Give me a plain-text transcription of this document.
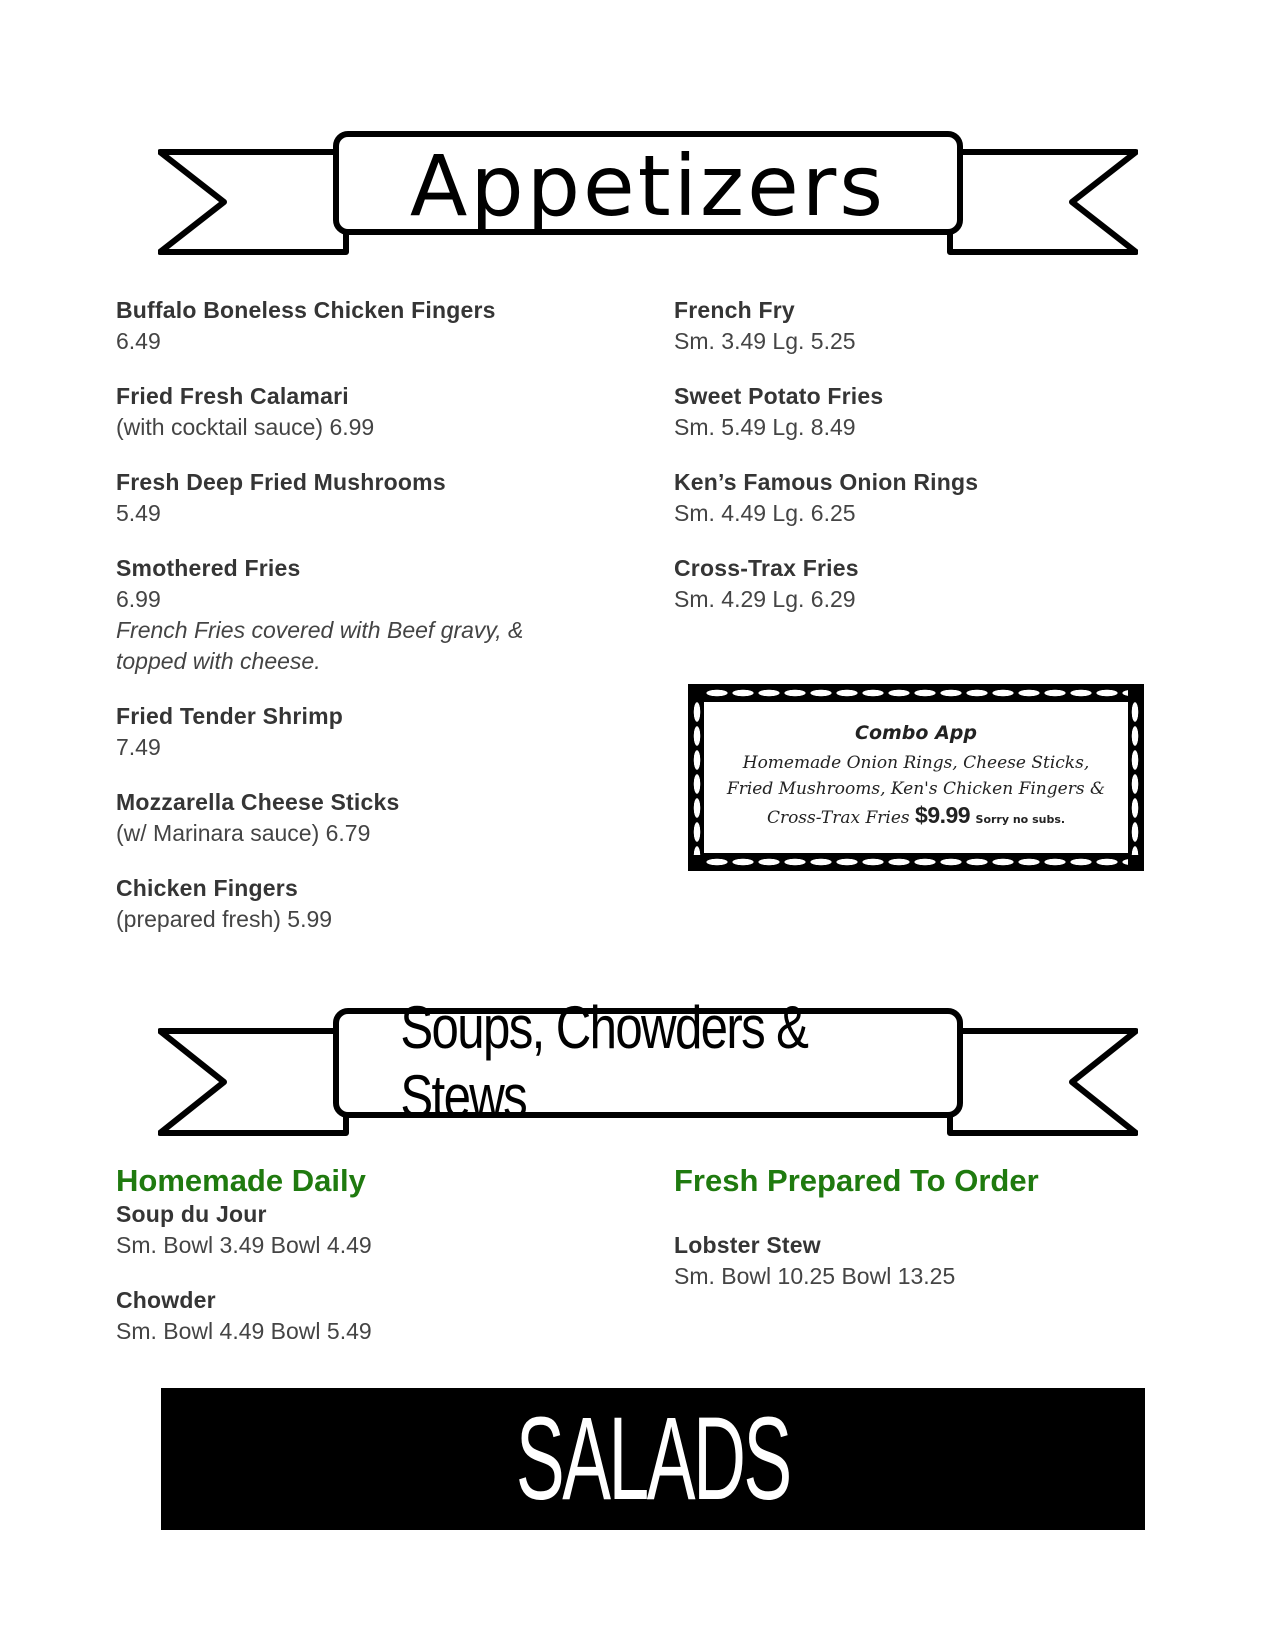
Appetizers
Buffalo Boneless Chicken Fingers
6.49
Fried Fresh Calamari
(with cocktail sauce) 6.99
Fresh Deep Fried Mushrooms
5.49
Smothered Fries
6.99
French Fries covered with Beef gravy, & topped with cheese.
Fried Tender Shrimp
7.49
Mozzarella Cheese Sticks
(w/ Marinara sauce) 6.79
Chicken Fingers
(prepared fresh) 5.99
French Fry
Sm. 3.49 Lg. 5.25
Sweet Potato Fries
Sm. 5.49 Lg. 8.49
Ken’s Famous Onion Rings
Sm. 4.49 Lg. 6.25
Cross-Trax Fries
Sm. 4.29 Lg. 6.29
Combo App
Homemade Onion Rings, Cheese Sticks,
Fried Mushrooms, Ken's Chicken Fingers &
Cross-Trax Fries $9.99 Sorry no subs.
Soups, Chowders & Stews
Homemade Daily
Soup du Jour
Sm. Bowl 3.49 Bowl 4.49
Chowder
Sm. Bowl 4.49 Bowl 5.49
Fresh Prepared To Order
Lobster Stew
Sm. Bowl 10.25 Bowl 13.25
SALADS
